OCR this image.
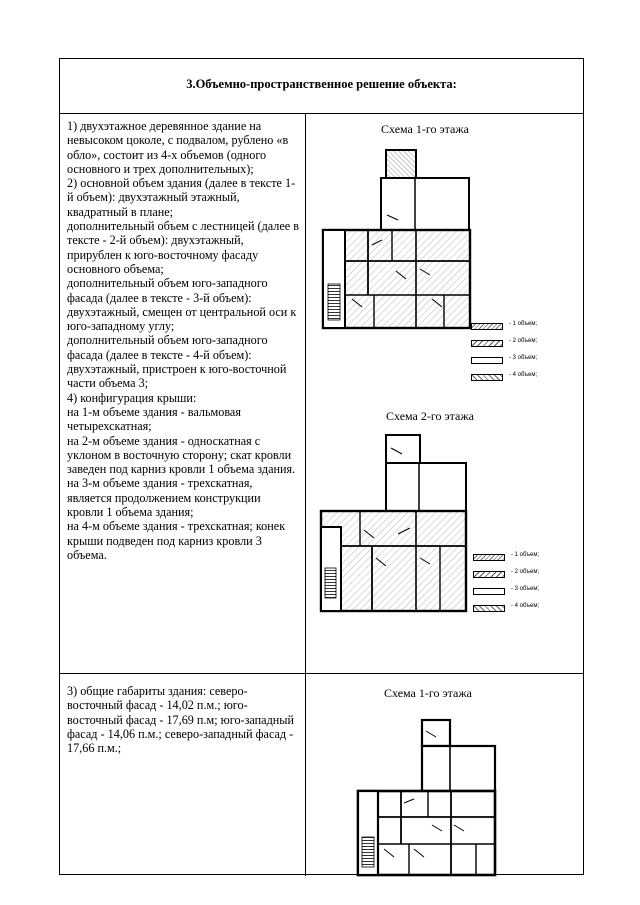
3.Объемно-пространственное решение объекта:

1) двухэтажное деревянное здание на невысоком цоколе, с подвалом, рублено «в обло», состоит из 4-х объемов (одного основного и трех дополнительных);

2) основной объем здания (далее в тексте 1-й объем): двухэтажный этажный, квадратный в плане;

дополнительный объем с лестницей (далее в тексте - 2-й объем): двухэтажный, прирублен к юго-восточному фасаду основного объема;

дополнительный объем юго-западного фасада (далее в тексте - 3-й объем): двухэтажный, смещен от центральной оси к юго-западному углу;

дополнительный объем юго-западного фасада (далее в тексте - 4-й объем): двухэтажный, пристроен к юго-восточной части объема 3;

4) конфигурация крыши:

на 1-м объеме здания - вальмовая четырехскатная;

на 2-м объеме здания - односкатная с уклоном в восточную сторону; скат кровли заведен под карниз кровли 1 объема здания.

на 3-м объеме здания - трехскатная, является продолжением конструкции кровли 1 объема здания;

на 4-м объеме здания - трехскатная; конек крыши подведен под карниз кровли 3 объема.

Схема 1-го этажа
- 1 объем;
- 2 объем;
- 3 объем;
- 4 объем;
Схема 2-го этажа
- 1 объем;
- 2 объем;
- 3 объем;
- 4 объем;

3) общие габариты здания: северо-восточный фасад - 14,02 п.м.; юго-восточный фасад - 17,69 п.м; юго-западный фасад - 14,06 п.м.; северо-западный фасад - 17,66 п.м.;

Схема 1-го этажа
